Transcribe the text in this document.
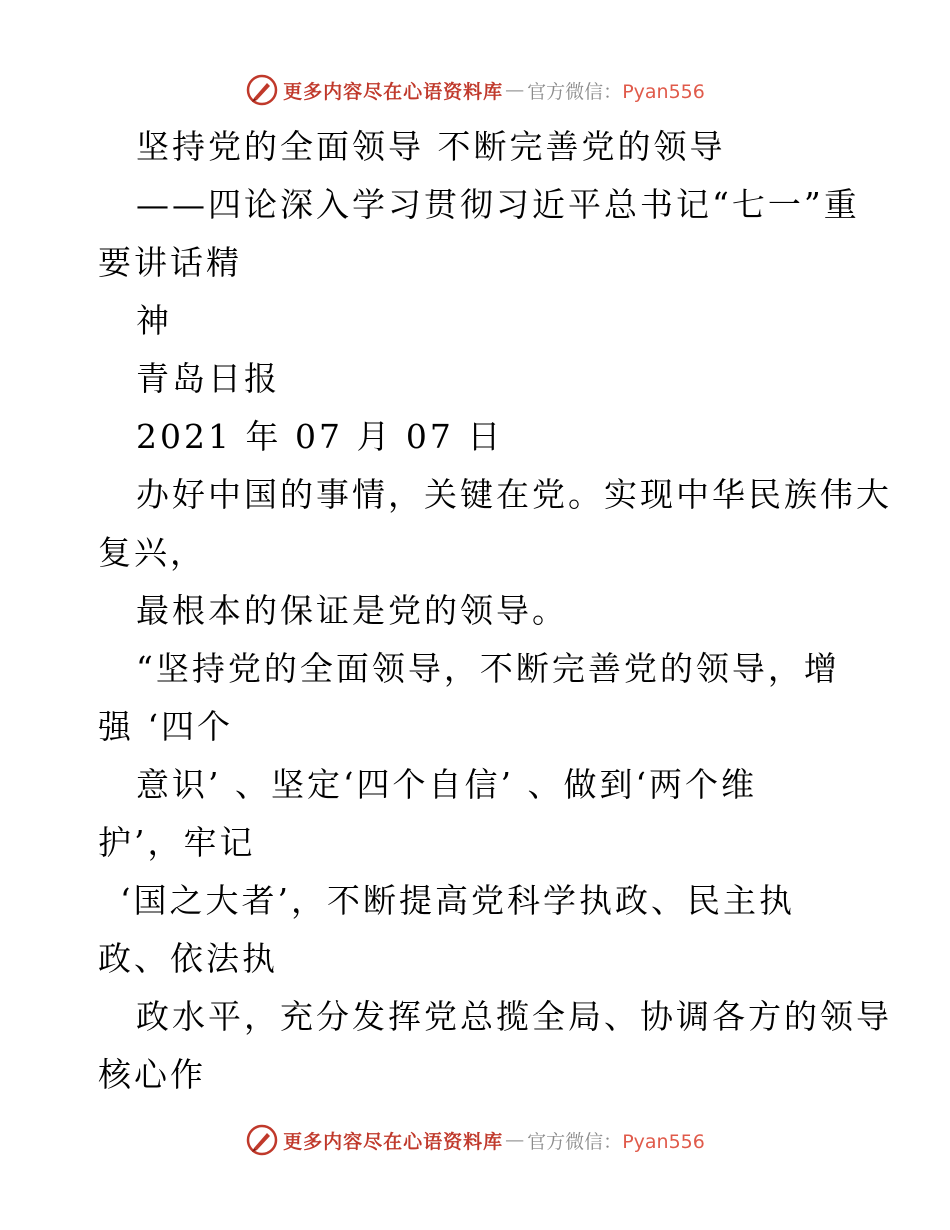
更多内容尽在心语资料库 — 官方微信：Pyan556
坚持党的全面领导 不断完善党的领导
——四论深入学习贯彻习近平总书记“七一”重
要讲话精
神
青岛日报
2021 年 07 月 07 日
办好中国的事情，关键在党。实现中华民族伟大
复兴，
最根本的保证是党的领导。
“坚持党的全面领导，不断完善党的领导，增
强 ‘四个
意识’ 、坚定‘四个自信’ 、做到‘两个维
护’，牢记
‘国之大者’，不断提高党科学执政、民主执
政、依法执
政水平，充分发挥党总揽全局、协调各方的领导
核心作
更多内容尽在心语资料库 — 官方微信：Pyan556
